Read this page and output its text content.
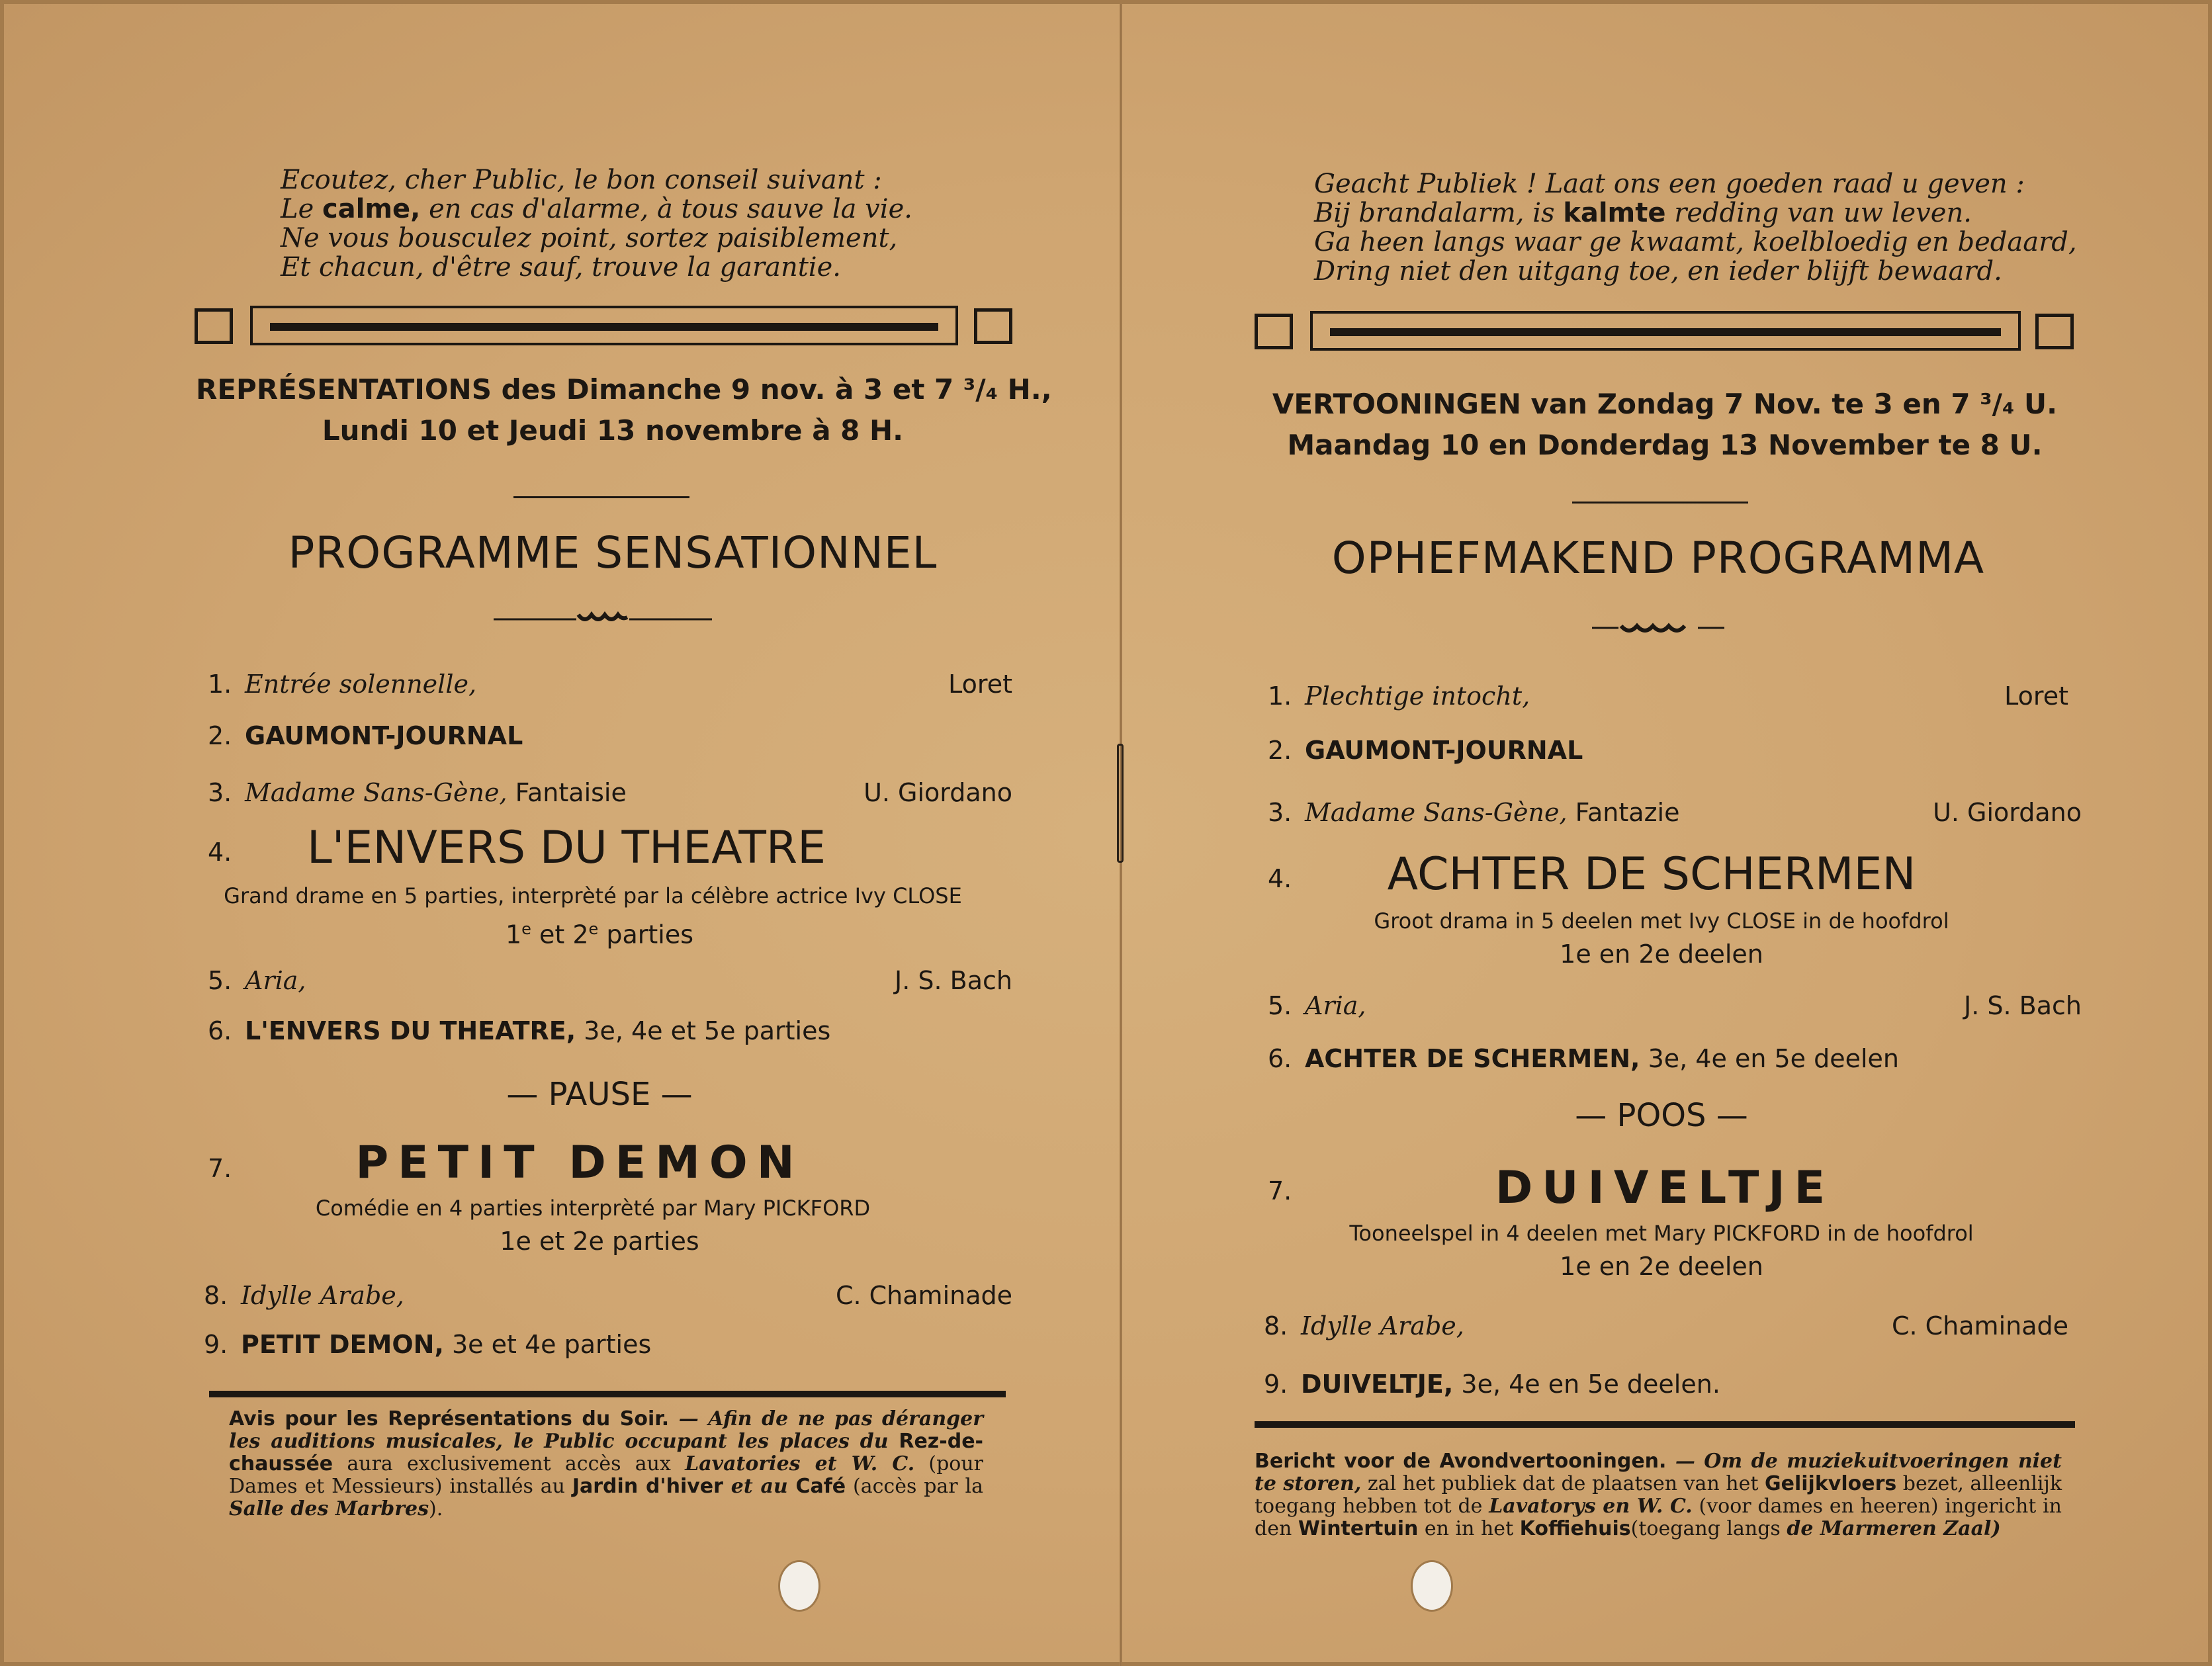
Ecoutez, cher Public, le bon conseil suivant :
Le calme, en cas d'alarme, à tous sauve la vie.
Ne vous bousculez point, sortez paisiblement,
Et chacun, d'être sauf, trouve la garantie.
REPRÉSENTATIONS des Dimanche 9 nov. à 3 et 7 ³/₄ H.,
Lundi 10 et Jeudi 13 novembre à 8 H.
PROGRAMME SENSATIONNEL
1. Entrée solennelle,	Loret
2. GAUMONT-JOURNAL
3. Madame Sans-Gène, Fantaisie	U. Giordano
4.	L'ENVERS DU THEATRE
Grand drame en 5 parties, interprèté par la célèbre actrice Ivy CLOSE
1e et 2e parties
5. Aria,	J. S. Bach
6. L'ENVERS DU THEATRE, 3e, 4e et 5e parties
— PAUSE —
7.	PETIT DEMON
Comédie en 4 parties interprèté par Mary PICKFORD
1e et 2e parties
8. Idylle Arabe,	C. Chaminade
9. PETIT DEMON, 3e et 4e parties
Avis pour les Représentations du Soir. — Afin de ne pas déranger les auditions musicales, le Public occupant les places du Rez-de-chaussée aura exclusivement accès aux Lavatories et W. C. (pour Dames et Messieurs) installés au Jardin d'hiver et au Café (accès par la Salle des Marbres).
Geacht Publiek ! Laat ons een goeden raad u geven :
Bij brandalarm, is kalmte redding van uw leven.
Ga heen langs waar ge kwaamt, koelbloedig en bedaard,
Dring niet den uitgang toe, en ieder blijft bewaard.
VERTOONINGEN van Zondag 7 Nov. te 3 en 7 ³/₄ U.
Maandag 10 en Donderdag 13 November te 8 U.
OPHEFMAKEND PROGRAMMA
1. Plechtige intocht,	Loret
2. GAUMONT-JOURNAL
3. Madame Sans-Gène, Fantazie	U. Giordano
4.	ACHTER DE SCHERMEN
Groot drama in 5 deelen met Ivy CLOSE in de hoofdrol
1e en 2e deelen
5. Aria,	J. S. Bach
6. ACHTER DE SCHERMEN, 3e, 4e en 5e deelen
— POOS —
7.	DUIVELTJE
Tooneelspel in 4 deelen met Mary PICKFORD in de hoofdrol
1e en 2e deelen
8. Idylle Arabe,	C. Chaminade
9. DUIVELTJE, 3e, 4e en 5e deelen.
Bericht voor de Avondvertooningen. — Om de muziekuitvoeringen niet te storen, zal het publiek dat de plaatsen van het Gelijkvloers bezet, alleenlijk toegang hebben tot de Lavatorys en W. C. (voor dames en heeren) ingericht in den Wintertuin en in het Koffiehuis(toegang langs de Marmeren Zaal)
